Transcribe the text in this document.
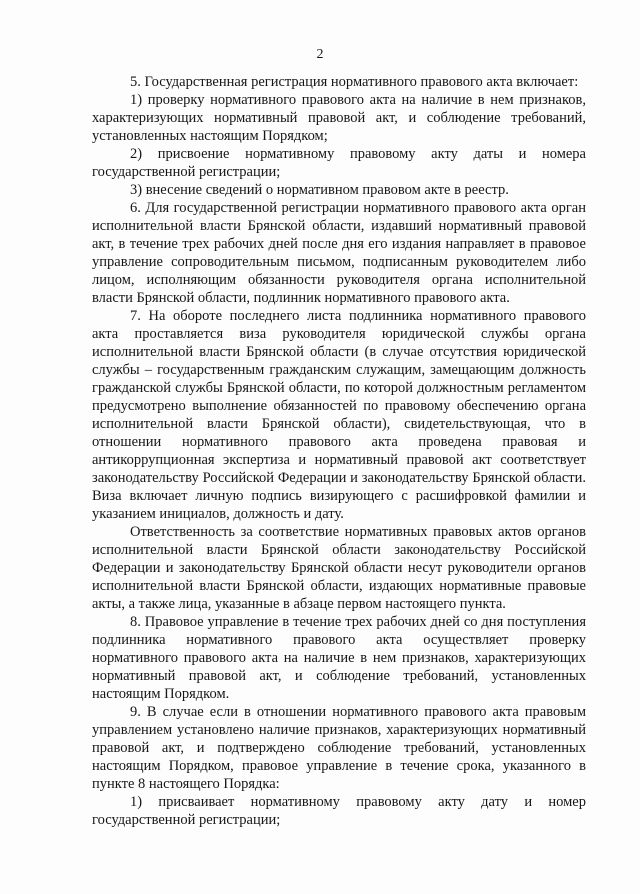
2

5. Государственная регистрация нормативного правового акта включает:

1) проверку нормативного правового акта на наличие в нем признаков, характеризующих нормативный правовой акт, и соблюдение требований, установленных настоящим Порядком;

2) присвоение нормативному правовому акту даты и номера государственной регистрации;

3) внесение сведений о нормативном правовом акте в реестр.

6. Для государственной регистрации нормативного правового акта орган исполнительной власти Брянской области, издавший нормативный правовой акт, в течение трех рабочих дней после дня его издания направляет в правовое управление сопроводительным письмом, подписанным руководителем либо лицом, исполняющим обязанности руководителя органа исполнительной власти Брянской области, подлинник нормативного правового акта.

7. На обороте последнего листа подлинника нормативного правового акта проставляется виза руководителя юридической службы органа исполнительной власти Брянской области (в случае отсутствия юридической службы – государственным гражданским служащим, замещающим должность гражданской службы Брянской области, по которой должностным регламентом предусмотрено выполнение обязанностей по правовому обеспечению органа исполнительной власти Брянской области), свидетельствующая, что в отношении нормативного правового акта проведена правовая и антикоррупционная экспертиза и нормативный правовой акт соответствует законодательству Российской Федерации и законодательству Брянской области. Виза включает личную подпись визирующего с расшифровкой фамилии и указанием инициалов, должность и дату.

Ответственность за соответствие нормативных правовых актов органов исполнительной власти Брянской области законодательству Российской Федерации и законодательству Брянской области несут руководители органов исполнительной власти Брянской области, издающих нормативные правовые акты, а также лица, указанные в абзаце первом настоящего пункта.

8. Правовое управление в течение трех рабочих дней со дня поступления подлинника нормативного правового акта осуществляет проверку нормативного правового акта на наличие в нем признаков, характеризующих нормативный правовой акт, и соблюдение требований, установленных настоящим Порядком.

9. В случае если в отношении нормативного правового акта правовым управлением установлено наличие признаков, характеризующих нормативный правовой акт, и подтверждено соблюдение требований, установленных настоящим Порядком, правовое управление в течение срока, указанного в пункте 8 настоящего Порядка:

1) присваивает нормативному правовому акту дату и номер государственной регистрации;
